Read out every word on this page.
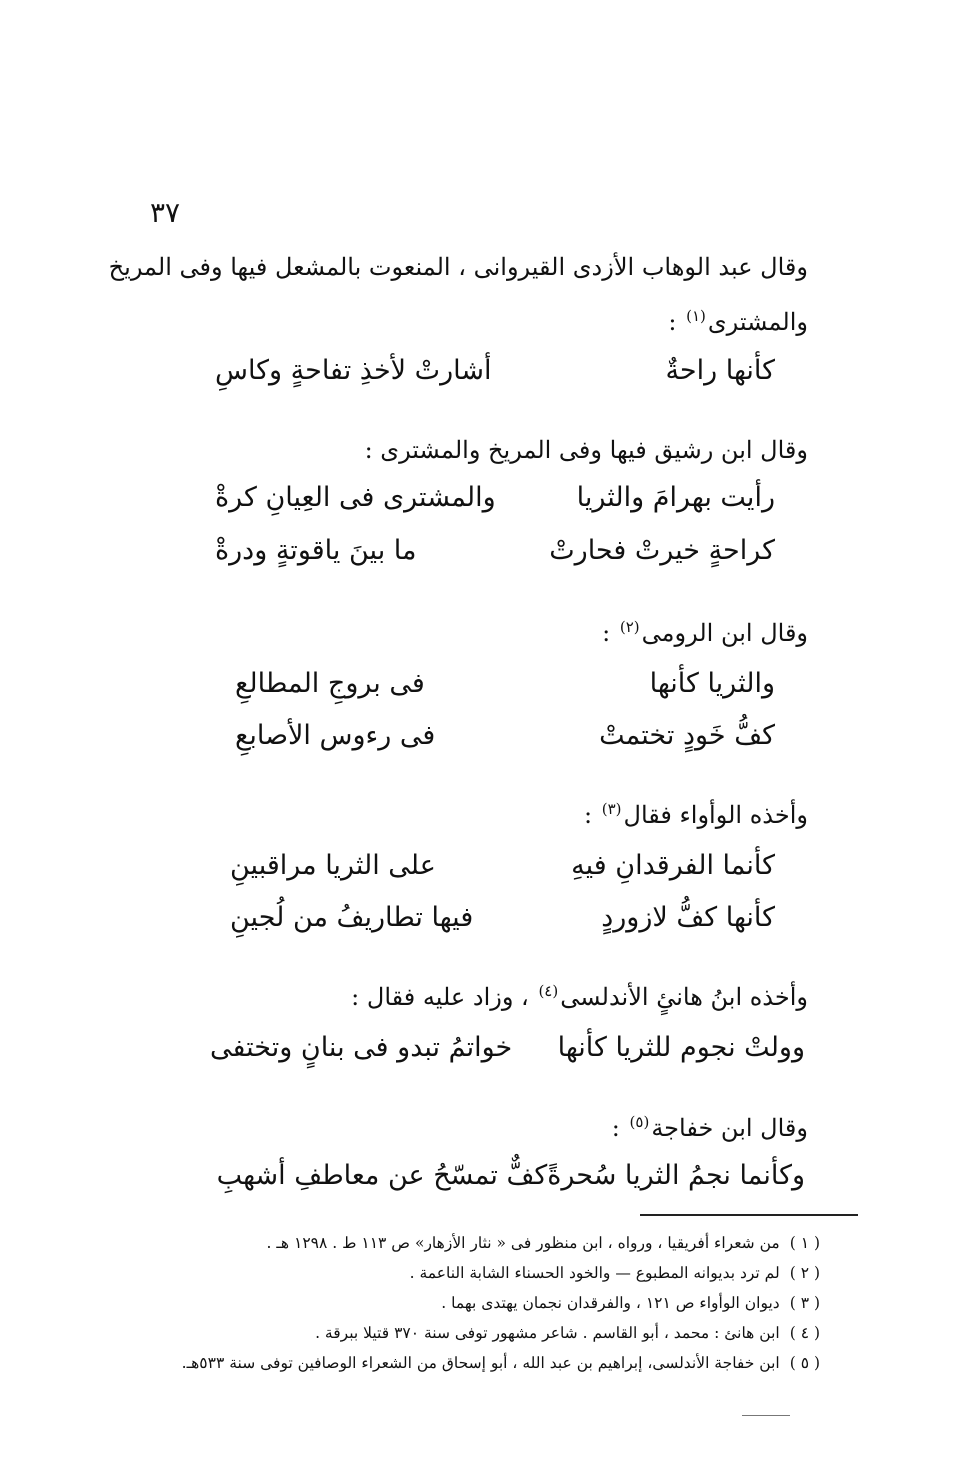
٣٧
وقال عبد الوهاب الأزدى القيروانى ، المنعوت بالمشعل فيها وفى المريخ
والمشترى$^{(١)}$ :
كأنها راحةٌ
أشارتْ لأخذِ تفاحةٍ وكاسِ
وقال ابن رشيق فيها وفى المريخ والمشترى :
رأيت بهرامَ والثريا
والمشترى فى العِيانِ كرةْ
كراحةٍ خيرتْ فحارتْ
ما بينَ ياقوتةٍ ودرةْ
وقال ابن الرومى$^{(٢)}$ :
والثريا كأنها
فى بروجِ المطالعِ
كفُّ خَودٍ تختمتْ
فى رءوس الأصابعِ
وأخذه الوأواء فقال$^{(٣)}$ :
كأنما الفرقدانِ فيهِ
على الثريا مراقبينِ
كأنها كفُّ لازوردٍ
فيها تطاريفُ من لُجينِ
وأخذه ابنُ هانئٍ الأندلسى$^{(٤)}$ ، وزاد عليه فقال :
وولتْ نجوم للثريا كأنها
خواتمُ تبدو فى بنانٍ وتختفى
وقال ابن خفاجة$^{(٥)}$ :
وكأنما نجمُ الثريا سُحرةً
كفٌّ تمسّحُ عن معاطفِ أشهبِ
( ١ )من شعراء أفريقيا ، ورواه ، ابن منظور فى « نثار الأزهار» ص ١١٣ ط . ١٢٩٨ هـ .
( ٢ )لم ترد بديوانه المطبوع — والخود الحسناء الشابة الناعمة .
( ٣ )ديوان الوأواء ص ١٢١ ، والفرقدان نجمان يهتدى بهما .
( ٤ )ابن هانئ : محمد ، أبو القاسم . شاعر مشهور توفى سنة ٣٧٠ قتيلا ببرقة .
( ٥ )ابن خفاجة الأندلسى، إبراهيم بن عبد الله ، أبو إسحاق من الشعراء الوصافين توفى سنة ٥٣٣هـ.
